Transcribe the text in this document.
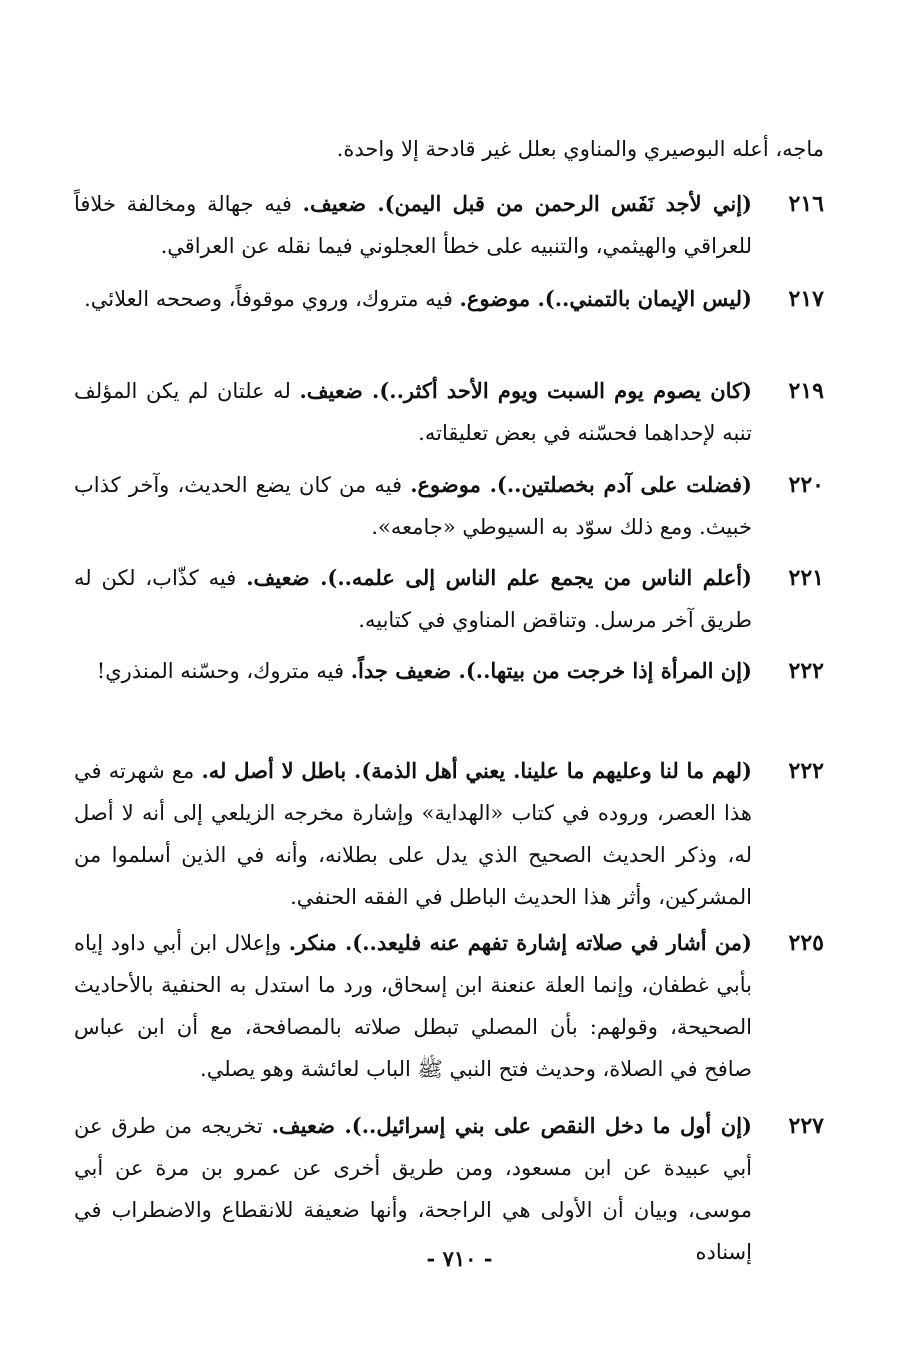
ماجه، أعله البوصيري والمناوي بعلل غير قادحة إلا واحدة.
٢١٦
(إني لأجد نَفَس الرحمن من قبل اليمن). ضعيف. فيه جهالة ومخالفة خلافاً للعراقي والهيثمي، والتنبيه على خطأ العجلوني فيما نقله عن العراقي.
٢١٧
(ليس الإيمان بالتمني..). موضوع. فيه متروك، وروي موقوفاً، وصححه العلائي.
٢١٩
(كان يصوم يوم السبت ويوم الأحد أكثر..). ضعيف. له علتان لم يكن المؤلف تنبه لإحداهما فحسّنه في بعض تعليقاته.
٢٢٠
(فضلت على آدم بخصلتين..). موضوع. فيه من كان يضع الحديث، وآخر كذاب خبيث. ومع ذلك سوّد به السيوطي «جامعه».
٢٢١
(أعلم الناس من يجمع علم الناس إلى علمه..). ضعيف. فيه كذّاب، لكن له طريق آخر مرسل. وتناقض المناوي في كتابيه.
٢٢٢
(إن المرأة إذا خرجت من بيتها..). ضعيف جداً. فيه متروك، وحسّنه المنذري!
٢٢٢
(لهم ما لنا وعليهم ما علينا. يعني أهل الذمة). باطل لا أصل له. مع شهرته في هذا العصر، وروده في كتاب «الهداية» وإشارة مخرجه الزيلعي إلى أنه لا أصل له، وذكر الحديث الصحيح الذي يدل على بطلانه، وأنه في الذين أسلموا من المشركين، وأثر هذا الحديث الباطل في الفقه الحنفي.
٢٢٥
(من أشار في صلاته إشارة تفهم عنه فليعد..). منكر. وإعلال ابن أبي داود إياه بأبي غطفان، وإنما العلة عنعنة ابن إسحاق، ورد ما استدل به الحنفية بالأحاديث الصحيحة، وقولهم: بأن المصلي تبطل صلاته بالمصافحة، مع أن ابن عباس صافح في الصلاة، وحديث فتح النبي ﷺ الباب لعائشة وهو يصلي.
٢٢٧
(إن أول ما دخل النقص على بني إسرائيل..). ضعيف. تخريجه من طرق عن أبي عبيدة عن ابن مسعود، ومن طريق أخرى عن عمرو بن مرة عن أبي موسى، وبيان أن الأولى هي الراجحة، وأنها ضعيفة للانقطاع والاضطراب في إسناده
- ٧١٠ -
